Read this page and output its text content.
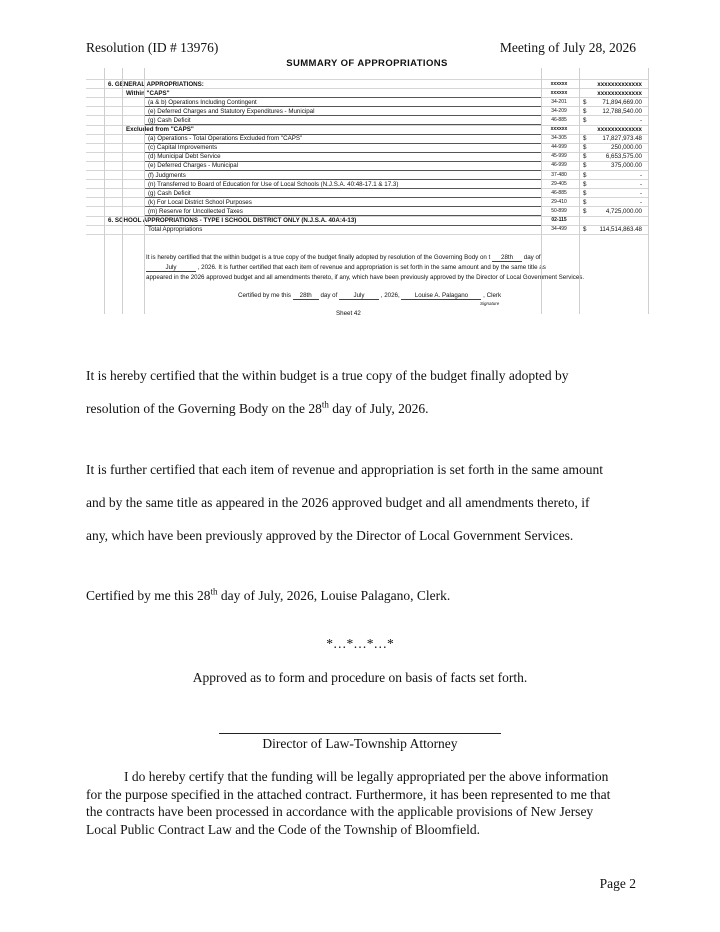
Resolution (ID # 13976)	Meeting of July 28, 2026
SUMMARY OF APPROPRIATIONS
6. GENERAL APPROPRIATIONS:	xxxxxx	xxxxxxxxxxxxx
Within "CAPS"	xxxxxx	xxxxxxxxxxxxx
(a & b) Operations Including Contingent	34-201	$	71,894,669.00
(e) Deferred Charges and Statutory Expenditures - Municipal	34-209	$	12,788,540.00
(g) Cash Deficit	46-885	$	-
Excluded from "CAPS"	xxxxxx	xxxxxxxxxxxxx
(a) Operations - Total Operations Excluded from "CAPS"	34-305	$	17,827,973.48
(c) Capital Improvements	44-999	$	250,000.00
(d) Municipal Debt Service	45-999	$	6,653,575.00
(e) Deferred Charges - Municipal	46-999	$	375,000.00
(f) Judgments	37-480	$	-
(n) Transferred to Board of Education for Use of Local Schools (N.J.S.A. 40:48-17.1 & 17.3)	29-405	$	-
(g) Cash Deficit	46-885	$	-
(k) For Local District School Purposes	29-410	$	-
(m) Reserve for Uncollected Taxes	50-899	$	4,725,000.00
6. SCHOOL APPROPRIATIONS - TYPE I SCHOOL DISTRICT ONLY (N.J.S.A. 40A:4-13)	02-115
Total Appropriations	34-499	$ 114,514,863.48
It is hereby certified that the within budget is a true copy of the budget finally adopted by resolution of the Governing Body on t 28th day of
July	, 2026. It is further certified that each item of revenue and appropriation is set forth in the same amount and by the same title as
appeared in the 2026 approved budget and all amendments thereto, if any, which have been previously approved by the Director of Local Government Services.
Certified by me this 28th day of	July	, 2026, Louise A. Palagano , Clerk
Signature
Sheet 42
It is hereby certified that the within budget is a true copy of the budget finally adopted by
resolution of the Governing Body on the 28th day of July, 2026.
It is further certified that each item of revenue and appropriation is set forth in the same amount
and by the same title as appeared in the 2026 approved budget and all amendments thereto, if
any, which have been previously approved by the Director of Local Government Services.
Certified by me this 28th day of July, 2026, Louise Palagano, Clerk.
*…*…*…*
Approved as to form and procedure on basis of facts set forth.
Director of Law-Township Attorney
I do hereby certify that the funding will be legally appropriated per the above information
for the purpose specified in the attached contract. Furthermore, it has been represented to me that
the contracts have been processed in accordance with the applicable provisions of New Jersey
Local Public Contract Law and the Code of the Township of Bloomfield.
Page 2
